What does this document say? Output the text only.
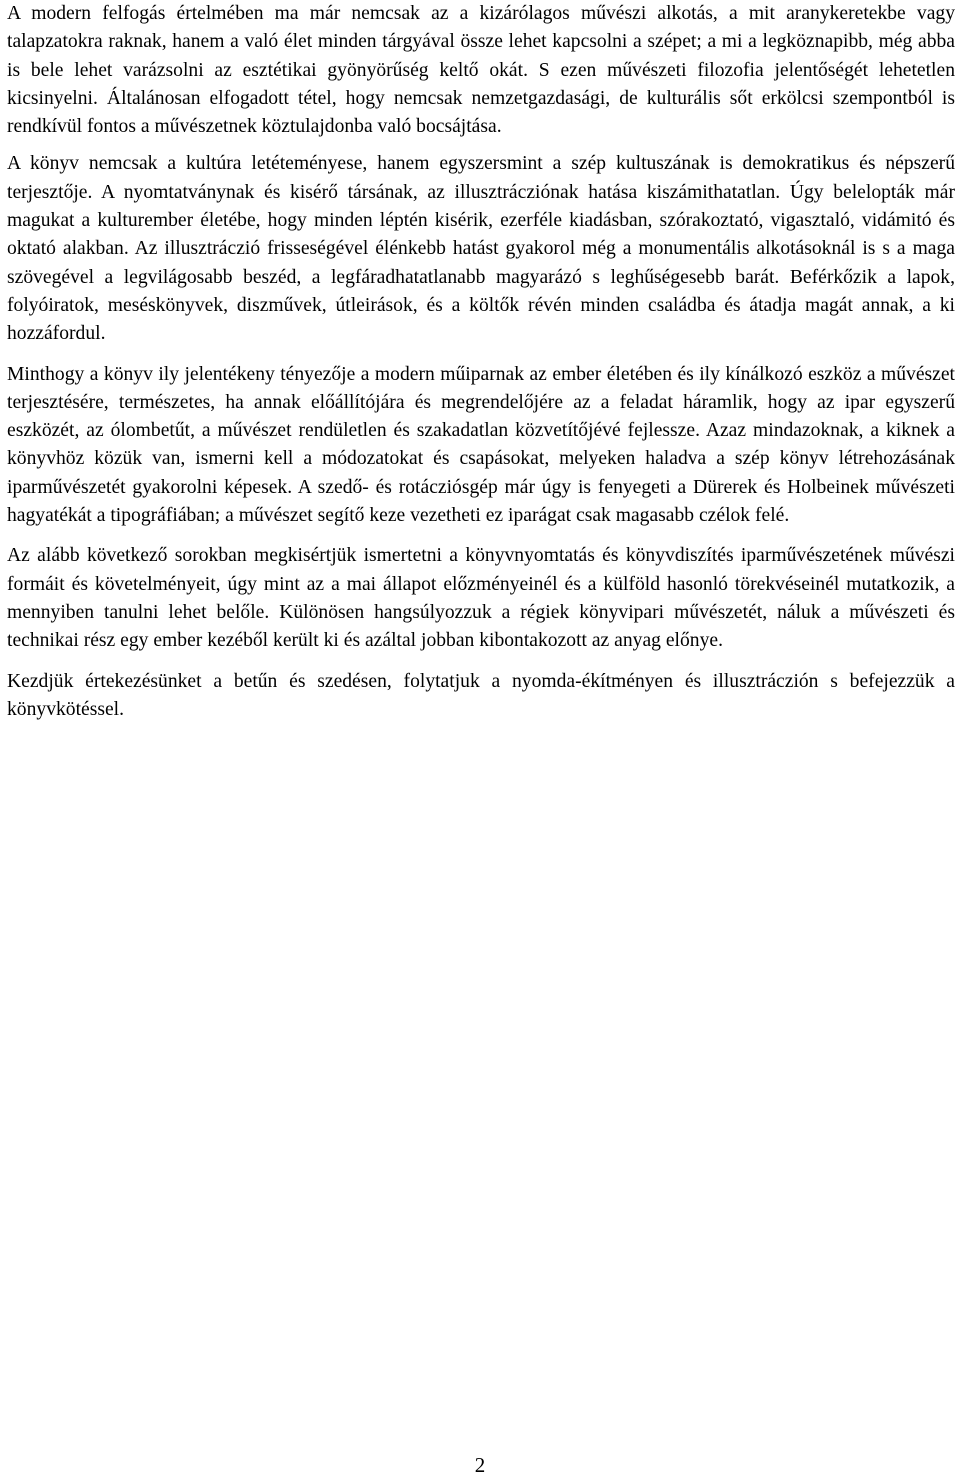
A modern felfogás értelmében ma már nemcsak az a kizárólagos művészi alkotás, a mit aranykeretekbe vagy talapzatokra raknak, hanem a való élet minden tárgyával össze lehet kapcsolni a szépet; a mi a legköznapibb, még abba is bele lehet varázsolni az esztétikai gyönyörűség keltő okát. S ezen művészeti filozofia jelentőségét lehetetlen kicsinyelni. Általánosan elfogadott tétel, hogy nemcsak nemzetgazdasági, de kulturális sőt erkölcsi szempontból is rendkívül fontos a művészetnek köztulajdonba való bocsájtása.

A könyv nemcsak a kultúra letéteményese, hanem egyszersmint a szép kultuszának is demokratikus és népszerű terjesztője. A nyomtatványnak és kisérő társának, az illusztrácziónak hatása kiszámithatatlan. Úgy belelopták már magukat a kulturember életébe, hogy minden léptén kisérik, ezerféle kiadásban, szórakoztató, vigasztaló, vidámitó és oktató alakban. Az illusztráczió frisseségével élénkebb hatást gyakorol még a monumentális alkotásoknál is s a maga szövegével a legvilágosabb beszéd, a legfáradhatatlanabb magyarázó s leghűségesebb barát. Beférkőzik a lapok, folyóiratok, meséskönyvek, diszművek, útleirások, és a költők révén minden családba és átadja magát annak, a ki hozzáfordul.

Minthogy a könyv ily jelentékeny tényezője a modern műiparnak az ember életében és ily kínálkozó eszköz a művészet terjesztésére, természetes, ha annak előállítójára és megrendelőjére az a feladat háramlik, hogy az ipar egyszerű eszközét, az ólombetűt, a művészet rendületlen és szakadatlan közvetítőjévé fejlessze. Azaz mindazoknak, a kiknek a könyvhöz közük van, ismerni kell a módozatokat és csapásokat, melyeken haladva a szép könyv létrehozásának iparművészetét gyakorolni képesek. A szedő- és rotácziósgép már úgy is fenyegeti a Dürerek és Holbeinek művészeti hagyatékát a tipográfiában; a művészet segítő keze vezetheti ez iparágat csak magasabb czélok felé.

Az alább következő sorokban megkisértjük ismertetni a könyvnyomtatás és könyvdiszítés iparművészetének művészi formáit és követelményeit, úgy mint az a mai állapot előzményeinél és a külföld hasonló törekvéseinél mutatkozik, a mennyiben tanulni lehet belőle. Különösen hangsúlyozzuk a régiek könyvipari művészetét, náluk a művészeti és technikai rész egy ember kezéből került ki és azáltal jobban kibontakozott az anyag előnye.

Kezdjük értekezésünket a betűn és szedésen, folytatjuk a nyomda-ékítményen és illusztráczión s befejezzük a könyvkötéssel.

2
